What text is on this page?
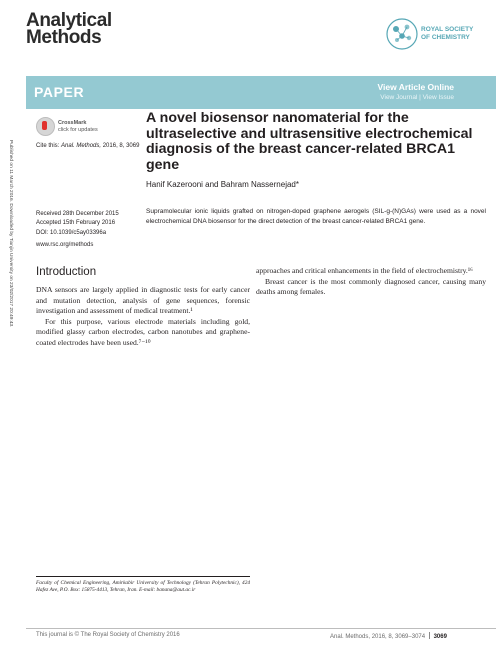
Analytical
Methods	ROYAL SOCIETY
OF CHEMISTRY
PAPER	View Article Online
View Journal | View Issue
Published on 11 March 2016. Downloaded by Tianjin University on 23/02/2017 20:49:43.
CrossMark
click for updates
Cite this: Anal. Methods, 2016, 8, 3069
A novel biosensor nanomaterial for the ultraselective and ultrasensitive electrochemical diagnosis of the breast cancer-related BRCA1 gene
Hanif Kazerooni and Bahram Nassernejad*
Supramolecular ionic liquids grafted on nitrogen-doped graphene aerogels (SIL-g-(N)GAs) were used as a novel electrochemical DNA biosensor for the direct detection of the breast cancer-related BRCA1 gene.
Received 28th December 2015
Accepted 15th February 2016
DOI: 10.1039/c5ay03396a
www.rsc.org/methods
Introduction

DNA sensors are largely applied in diagnostic tests for early cancer and mutation detection, analysis of gene sequences, forensic investigation and assessment of medical treatment.¹

For this purpose, various electrode materials including gold, modified glassy carbon electrodes, carbon nanotubes and graphene-coated electrodes have been used.⁷⁻¹⁰

Faculty of Chemical Engineering, Amirkabir University of Technology (Tehran Polytechnic), 424 Hafez Ave, P.O. Box: 15875-4413, Tehran, Iran. E-mail: banana@aut.ac.ir

approaches and critical enhancements in the field of electrochemistry.¹⁶

Breast cancer is the most commonly diagnosed cancer, causing many deaths among females.

This journal is © The Royal Society of Chemistry 2016	Anal. Methods, 2016, 8, 3069–3074 3069
